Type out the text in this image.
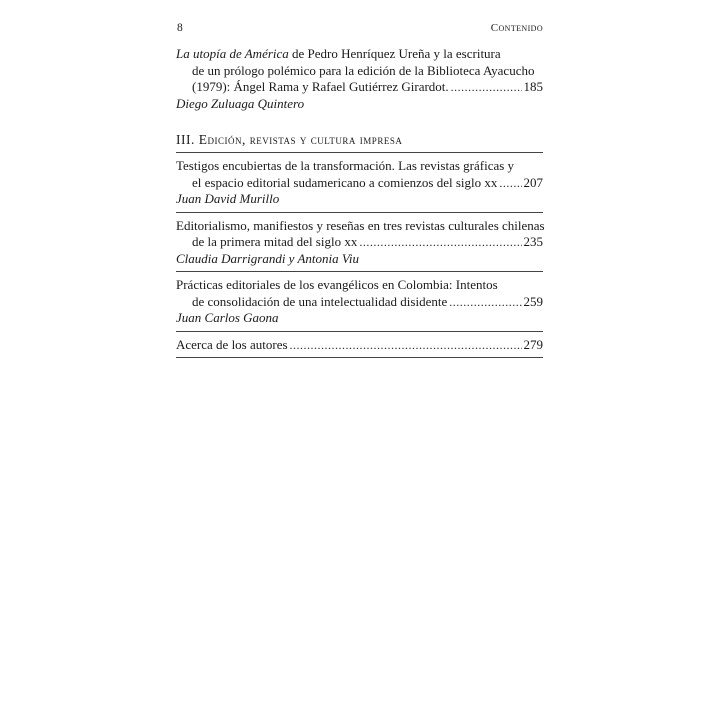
8	Contenido
La utopía de América de Pedro Henríquez Ureña y la escritura
de un prólogo polémico para la edición de la Biblioteca Ayacucho
(1979): Ángel Rama y Rafael Gutiérrez Girardot. .....	185
Diego Zuluaga Quintero
III. Edición, revistas y cultura impresa
Testigos encubiertas de la transformación. Las revistas gráficas y
el espacio editorial sudamericano a comienzos del siglo xx ..... 207
Juan David Murillo
Editorialismo, manifiestos y reseñas en tres revistas culturales chilenas
de la primera mitad del siglo xx .....	235
Claudia Darrigrandi y Antonia Viu
Prácticas editoriales de los evangélicos en Colombia: Intentos
de consolidación de una intelectualidad disidente .....	259
Juan Carlos Gaona
Acerca de los autores .....	279
